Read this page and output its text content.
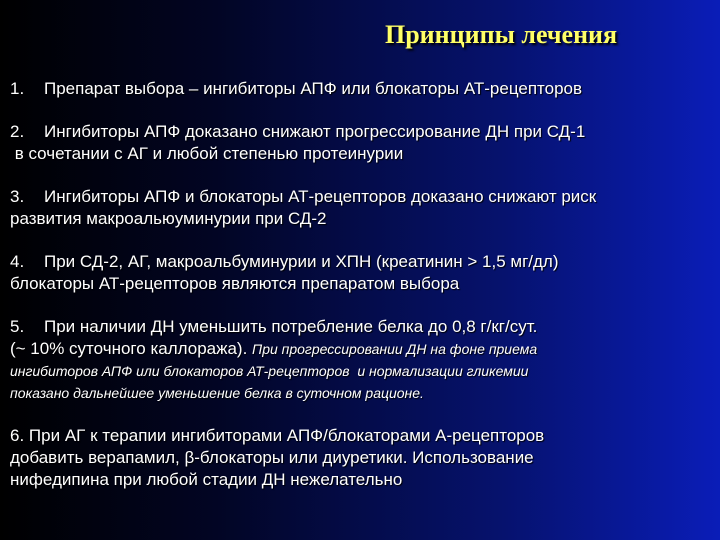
Принципы лечения
1. Препарат выбора – ингибиторы АПФ или блокаторы АТ-рецепторов
2. Ингибиторы АПФ доказано снижают прогрессирование ДН при СД-1
в сочетании с АГ и любой степенью протеинурии
3. Ингибиторы АПФ и блокаторы АТ-рецепторов доказано снижают риск
развития макроальюуминурии при СД-2
4. При СД-2, АГ, макроальбуминурии и ХПН (креатинин > 1,5 мг/дл)
блокаторы АТ-рецепторов являются препаратом выбора
5. При наличии ДН уменьшить потребление белка до 0,8 г/кг/сут.
(~ 10% суточного каллоража). При прогрессировании ДН на фоне приема
ингибиторов АПФ или блокаторов АТ-рецепторов  и нормализации гликемии
показано дальнейшее уменьшение белка в суточном рационе.
6. При АГ к терапии ингибиторами АПФ/блокаторами А-рецепторов
добавить верапамил, β-блокаторы или диуретики. Использование
нифедипина при любой стадии ДН нежелательно
